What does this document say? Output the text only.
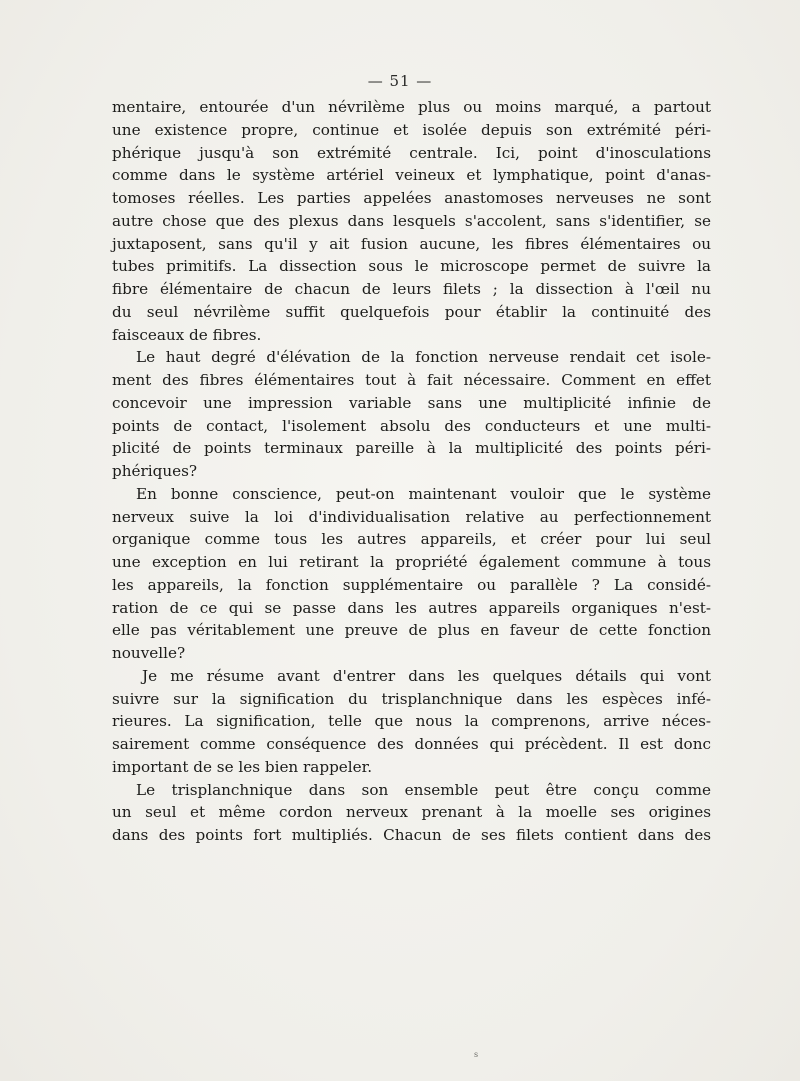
— 51 —
mentaire, entourée d'un névrilème plus ou moins marqué, a partout
une existence propre, continue et isolée depuis son extrémité péri-
phérique jusqu'à son extrémité centrale. Ici, point d'inosculations
comme dans le système artériel veineux et lymphatique, point d'anas-
tomoses réelles. Les parties appelées anastomoses nerveuses ne sont
autre chose que des plexus dans lesquels s'accolent, sans s'identifier, se
juxtaposent, sans qu'il y ait fusion aucune, les fibres élémentaires ou
tubes primitifs. La dissection sous le microscope permet de suivre la
fibre élémentaire de chacun de leurs filets ; la dissection à l'œil nu
du seul névrilème suffit quelquefois pour établir la continuité des
faisceaux de fibres.
Le haut degré d'élévation de la fonction nerveuse rendait cet isole-
ment des fibres élémentaires tout à fait nécessaire. Comment en effet
concevoir une impression variable sans une multiplicité infinie de
points de contact, l'isolement absolu des conducteurs et une multi-
plicité de points terminaux pareille à la multiplicité des points péri-
phériques?
En bonne conscience, peut-on maintenant vouloir que le système
nerveux suive la loi d'individualisation relative au perfectionnement
organique comme tous les autres appareils, et créer pour lui seul
une exception en lui retirant la propriété également commune à tous
les appareils, la fonction supplémentaire ou parallèle ? La considé-
ration de ce qui se passe dans les autres appareils organiques n'est-
elle pas véritablement une preuve de plus en faveur de cette fonction
nouvelle?
Je me résume avant d'entrer dans les quelques détails qui vont
suivre sur la signification du trisplanchnique dans les espèces infé-
rieures. La signification, telle que nous la comprenons, arrive néces-
sairement comme conséquence des données qui précèdent. Il est donc
important de se les bien rappeler.
Le trisplanchnique dans son ensemble peut être conçu comme
un seul et même cordon nerveux prenant à la moelle ses origines
dans des points fort multipliés. Chacun de ses filets contient dans des
s
